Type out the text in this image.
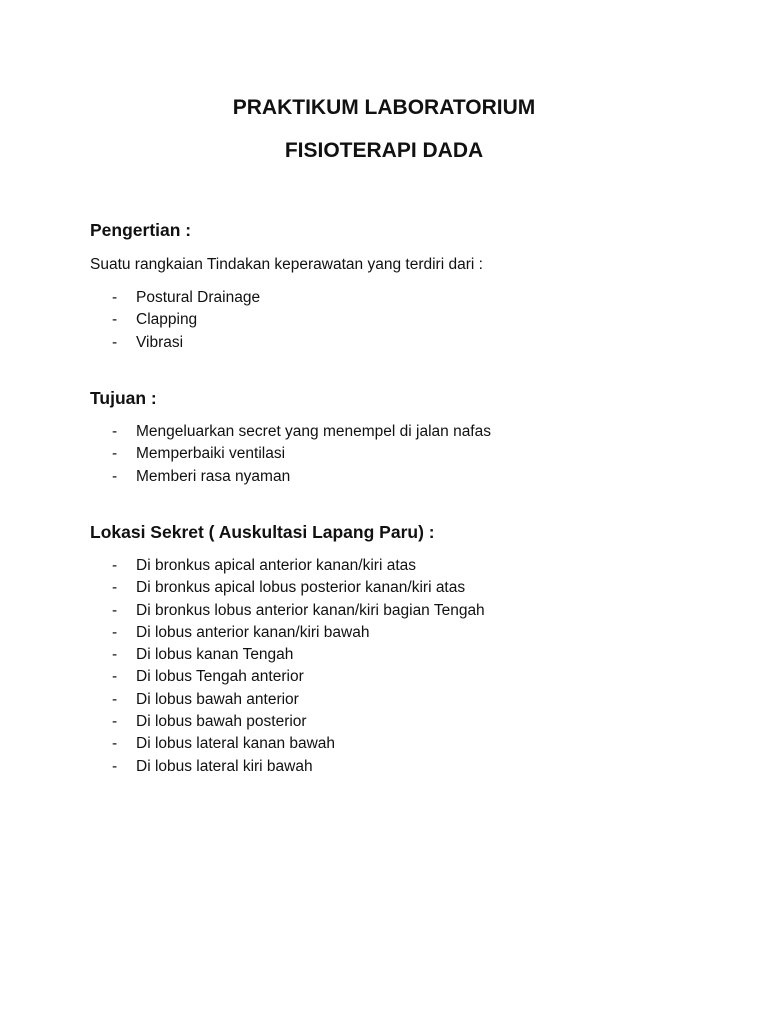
PRAKTIKUM LABORATORIUM
FISIOTERAPI DADA
Pengertian :

Suatu rangkaian Tindakan keperawatan yang terdiri dari :

- Postural Drainage
- Clapping
- Vibrasi
Tujuan :
- Mengeluarkan secret yang menempel di jalan nafas
- Memperbaiki ventilasi
- Memberi rasa nyaman
Lokasi Sekret ( Auskultasi Lapang Paru) :
- Di bronkus apical anterior kanan/kiri atas
- Di bronkus apical lobus posterior kanan/kiri atas
- Di bronkus lobus anterior kanan/kiri bagian Tengah
- Di lobus anterior kanan/kiri bawah
- Di lobus kanan Tengah
- Di lobus Tengah anterior
- Di lobus bawah anterior
- Di lobus bawah posterior
- Di lobus lateral kanan bawah
- Di lobus lateral kiri bawah
